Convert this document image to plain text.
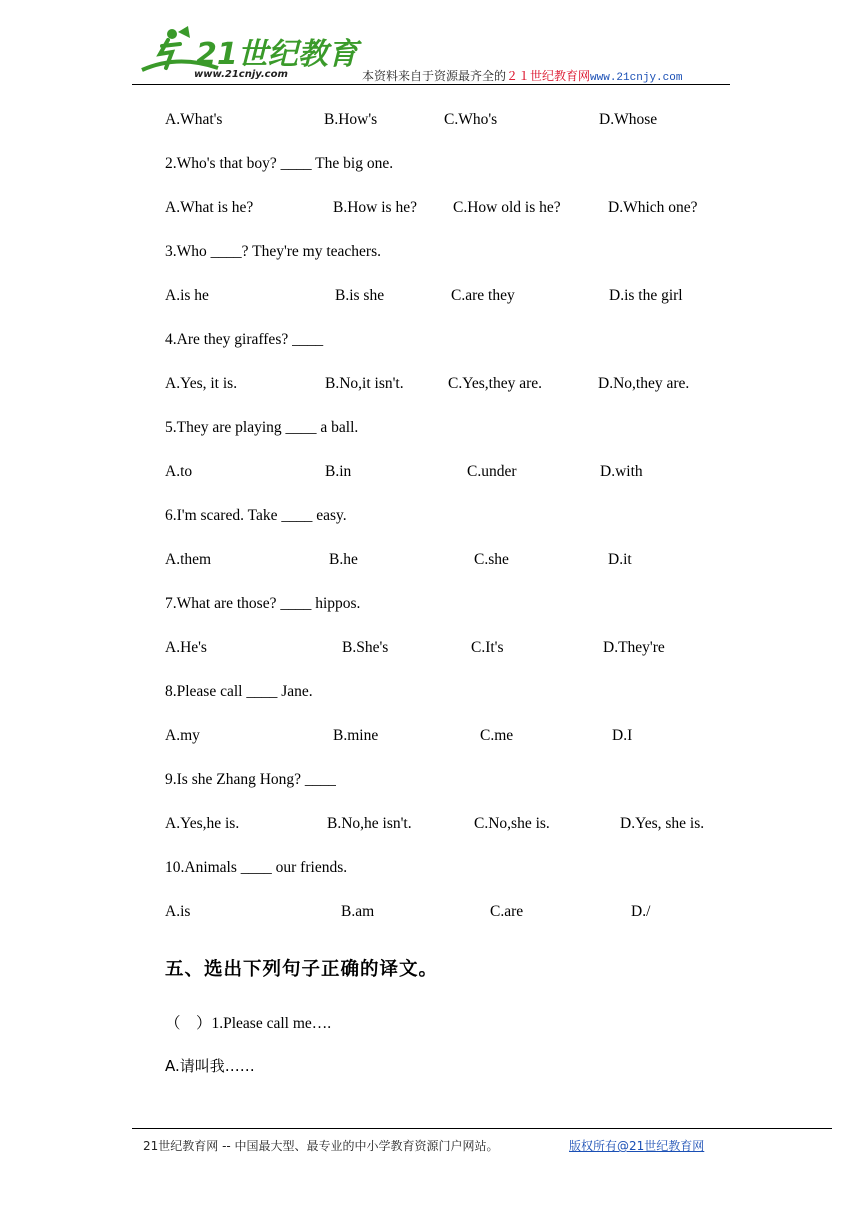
21世纪教育
www.21cnjy.com	本资料来自于资源最齐全的２１世纪教育网www.21cnjy.com
A.What's	B.How's	C.Who's	D.Whose
2.Who's that boy? ____ The big one.
A.What is he?	B.How is he? C.How old is he?	D.Which one?
3.Who ____? They're my teachers.
A.is he	B.is she	C.are they	D.is the girl
4.Are they giraffes? ____
A.Yes, it is.	B.No,it isn't.	C.Yes,they are.	D.No,they are.
5.They are playing ____ a ball.
A.to	B.in	C.under	D.with
6.I'm scared. Take ____ easy.
A.them	B.he	C.she	D.it
7.What are those? ____ hippos.
A.He's	B.She's	C.It's	D.They're
8.Please call ____ Jane.
A.my	B.mine	C.me	D.I
9.Is she Zhang Hong? ____
A.Yes,he is.	B.No,he isn't.	C.No,she is.	D.Yes, she is.
10.Animals ____ our friends.
A.is	B.am	C.are	D./
五、选出下列句子正确的译文。
（　）1.Please call me….
A.请叫我……
21世纪教育网 -- 中国最大型、最专业的中小学教育资源门户网站。	版权所有@21世纪教育网
